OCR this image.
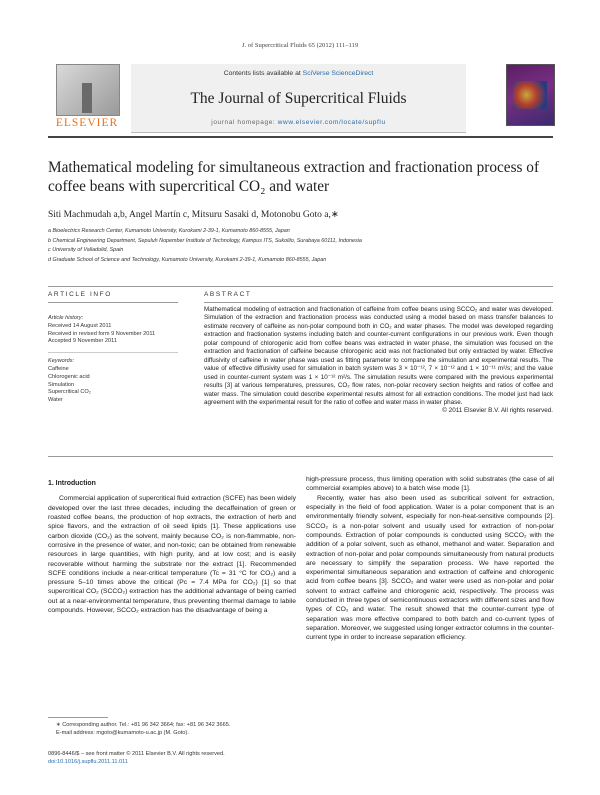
J. of Supercritical Fluids 65 (2012) 111–119
ELSEVIER
Contents lists available at SciVerse ScienceDirect
The Journal of Supercritical Fluids
journal homepage: www.elsevier.com/locate/supflu
Mathematical modeling for simultaneous extraction and fractionation process of coffee beans with supercritical CO₂ and water
Siti Machmudah a,b, Angel Martín c, Mitsuru Sasaki d, Motonobu Goto a,∗
a Bioelectrics Research Center, Kumamoto University, Kurokami 2-39-1, Kumamoto 860-8555, Japan
b Chemical Engineering Department, Sepuluh Nopember Institute of Technology, Kampus ITS, Sukolilo, Surabaya 60111, Indonesia
c University of Valladolid, Spain
d Graduate School of Science and Technology, Kumamoto University, Kurokami 2-39-1, Kumamoto 860-8555, Japan
ARTICLE INFO
Article history:
Received 14 August 2011
Received in revised form 9 November 2011
Accepted 9 November 2011
Keywords:
Caffeine
Chlorogenic acid
Simulation
Supercritical CO₂
Water
ABSTRACT
Mathematical modeling of extraction and fractionation of caffeine from coffee beans using SCCO₂ and water was developed. Simulation of the extraction and fractionation process was conducted using a model based on mass transfer balances to estimate recovery of caffeine as non-polar compound both in CO₂ and water phases. The model was developed regarding extraction and fractionation systems including batch and counter-current configurations in our previous work. Even though polar compound of chlorogenic acid from coffee beans was extracted in water phase, the simulation was focused on the extraction and fractionation of caffeine because chlorogenic acid was not fractionated but only extracted by water. Effective diffusivity of caffeine in water phase was used as fitting parameter to compare the simulation and experimental results. The value of effective diffusivity used for simulation in batch system was 3 × 10⁻¹², 7 × 10⁻¹² and 1 × 10⁻¹¹ m²/s; and the value used in counter-current system was 1 × 10⁻¹² m²/s. The simulation results were compared with the previous experimental results [3] at various temperatures, pressures, CO₂ flow rates, non-polar recovery section heights and ratios of coffee and water mass. The simulation could describe experimental results almost for all extraction conditions. The model just had lack agreement with the experimental result for the ratio of coffee and water mass in water phase.
© 2011 Elsevier B.V. All rights reserved.
1. Introduction

Commercial application of supercritical fluid extraction (SCFE) has been widely developed over the last three decades, including the decaffeination of green or roasted coffee beans, the production of hop extracts, the extraction of herb and spice flavors, and the extraction of oil seed lipids [1]. These applications use carbon dioxide (CO₂) as the solvent, mainly because CO₂ is non-flammable, non-corrosive in the presence of water, and non-toxic; can be obtained from renewable resources in large quantities, with high purity, and at low cost; and is easily recoverable without harming the substrate nor the extract [1]. Recommended SCFE conditions include a near-critical temperature (Tc = 31 °C for CO₂) and a pressure 5–10 times above the critical (Pc = 7.4 MPa for CO₂) [1] so that supercritical CO₂ (SCCO₂) extraction has the additional advantage of being carried out at a near-environmental temperature, thus preventing thermal damage to labile compounds. However, SCCO₂ extraction has the disadvantage of being a

high-pressure process, thus limiting operation with solid substrates (the case of all commercial examples above) to a batch wise mode [1].

Recently, water has also been used as subcritical solvent for extraction, especially in the field of food application. Water is a polar component that is an environmentally friendly solvent, especially for non-heat-sensitive compounds [2]. SCCO₂ is a non-polar solvent and usually used for extraction of non-polar compounds. Extraction of polar compounds is conducted using SCCO₂ with the addition of a polar solvent, such as ethanol, methanol and water. Separation and extraction of non-polar and polar compounds simultaneously from natural products are necessary to simplify the separation process. We have reported the experimental simultaneous separation and extraction of caffeine and chlorogenic acid from coffee beans [3]. SCCO₂ and water were used as non-polar and polar solvent to extract caffeine and chlorogenic acid, respectively. The process was conducted in three types of semicontinuous extractors with different sizes and flow types of CO₂ and water. The result showed that the counter-current type of separation was more effective compared to both batch and co-current types of separation. Moreover, we suggested using longer extractor columns in the counter-current type in order to increase separation efficiency.

∗ Corresponding author. Tel.: +81 96 342 3664; fax: +81 96 342 3665.
E-mail address: mgoto@kumamoto-u.ac.jp (M. Goto).
0896-8446/$ – see front matter © 2011 Elsevier B.V. All rights reserved.
doi:10.1016/j.supflu.2011.11.011
